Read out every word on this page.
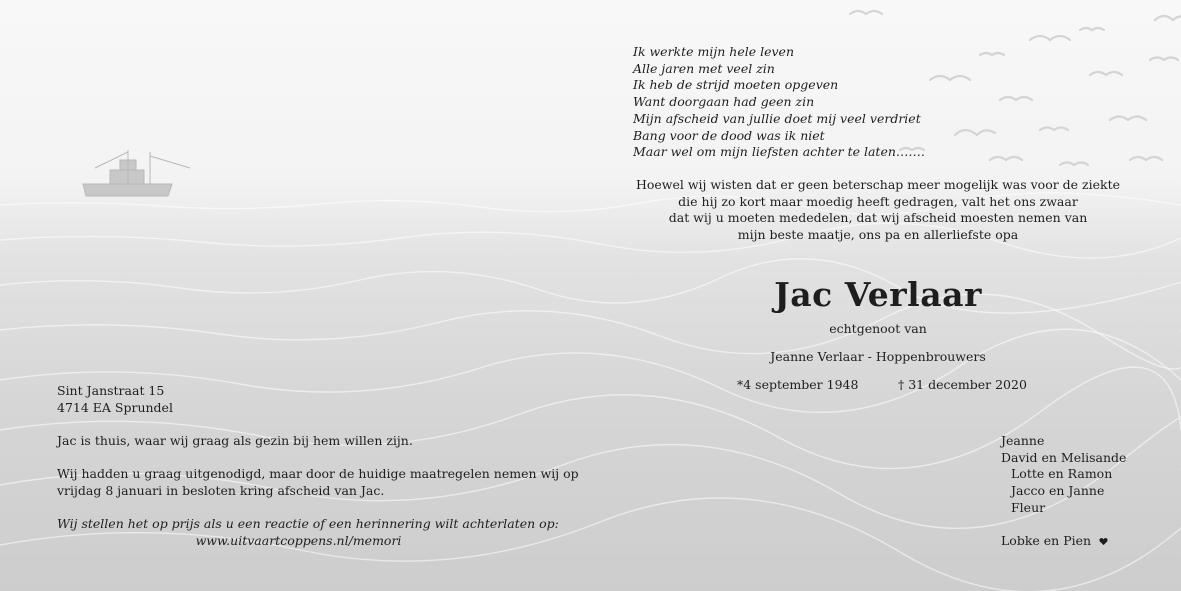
Ik werkte mijn hele leven
Alle jaren met veel zin
Ik heb de strijd moeten opgeven
Want doorgaan had geen zin
Mijn afscheid van jullie doet mij veel verdriet
Bang voor de dood was ik niet
Maar wel om mijn liefsten achter te laten…….
Hoewel wij wisten dat er geen beterschap meer mogelijk was voor de ziekte
die hij zo kort maar moedig heeft gedragen, valt het ons zwaar
dat wij u moeten mededelen, dat wij afscheid moesten nemen van
mijn beste maatje, ons pa en allerliefste opa
Jac Verlaar
echtgenoot van
Jeanne Verlaar - Hoppenbrouwers
*4 september 1948	† 31 december 2020
Sint Janstraat 15
4714 EA Sprundel
Jac is thuis, waar wij graag als gezin bij hem willen zijn.
Wij hadden u graag uitgenodigd, maar door de huidige maatregelen nemen wij op
vrijdag 8 januari in besloten kring afscheid van Jac.
Wij stellen het op prijs als u een reactie of een herinnering wilt achterlaten op:
www.uitvaartcoppens.nl/memori
Jeanne
David en Melisande
Lotte en Ramon
Jacco en Janne
Fleur
Lobke en Pien
